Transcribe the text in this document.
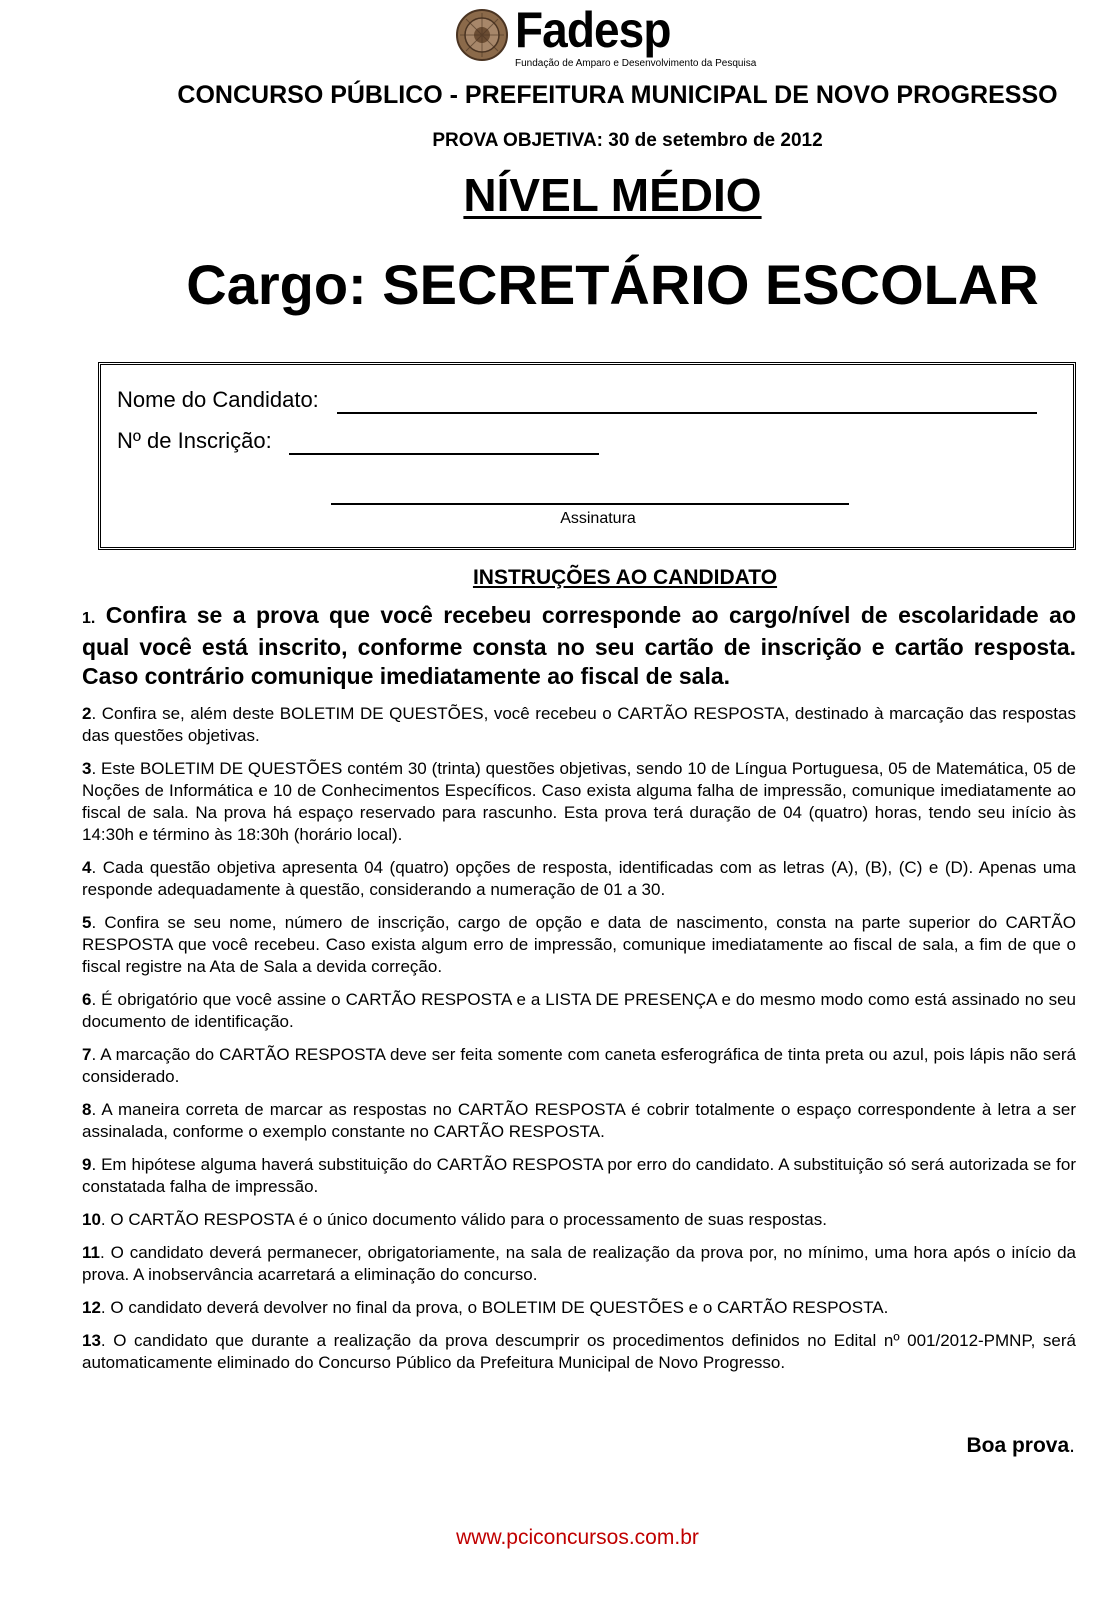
Fadesp
Fundação de Amparo e Desenvolvimento da Pesquisa
CONCURSO PÚBLICO - PREFEITURA MUNICIPAL DE NOVO PROGRESSO
PROVA OBJETIVA: 30 de setembro de 2012
NÍVEL MÉDIO
Cargo: SECRETÁRIO ESCOLAR
Nome do Candidato:
Nº de Inscrição:
Assinatura
INSTRUÇÕES AO CANDIDATO
1. Confira se a prova que você recebeu corresponde ao cargo/nível de escolaridade ao qual você está inscrito, conforme consta no seu cartão de inscrição e cartão resposta. Caso contrário comunique imediatamente ao fiscal de sala.
2. Confira se, além deste BOLETIM DE QUESTÕES, você recebeu o CARTÃO RESPOSTA, destinado à marcação das respostas das questões objetivas.
3. Este BOLETIM DE QUESTÕES contém 30 (trinta) questões objetivas, sendo 10 de Língua Portuguesa, 05 de Matemática, 05 de Noções de Informática e 10 de Conhecimentos Específicos. Caso exista alguma falha de impressão, comunique imediatamente ao fiscal de sala. Na prova há espaço reservado para rascunho. Esta prova terá duração de 04 (quatro) horas, tendo seu início às 14:30h e término às 18:30h (horário local).
4. Cada questão objetiva apresenta 04 (quatro) opções de resposta, identificadas com as letras (A), (B), (C) e (D). Apenas uma responde adequadamente à questão, considerando a numeração de 01 a 30.
5. Confira se seu nome, número de inscrição, cargo de opção e data de nascimento, consta na parte superior do CARTÃO RESPOSTA que você recebeu. Caso exista algum erro de impressão, comunique imediatamente ao fiscal de sala, a fim de que o fiscal registre na Ata de Sala a devida correção.
6. É obrigatório que você assine o CARTÃO RESPOSTA e a LISTA DE PRESENÇA e do mesmo modo como está assinado no seu documento de identificação.
7. A marcação do CARTÃO RESPOSTA deve ser feita somente com caneta esferográfica de tinta preta ou azul, pois lápis não será considerado.
8. A maneira correta de marcar as respostas no CARTÃO RESPOSTA é cobrir totalmente o espaço correspondente à letra a ser assinalada, conforme o exemplo constante no CARTÃO RESPOSTA.
9. Em hipótese alguma haverá substituição do CARTÃO RESPOSTA por erro do candidato. A substituição só será autorizada se for constatada falha de impressão.
10. O CARTÃO RESPOSTA é o único documento válido para o processamento de suas respostas.
11. O candidato deverá permanecer, obrigatoriamente, na sala de realização da prova por, no mínimo, uma hora após o início da prova. A inobservância acarretará a eliminação do concurso.
12. O candidato deverá devolver no final da prova, o BOLETIM DE QUESTÕES e o CARTÃO RESPOSTA.
13. O candidato que durante a realização da prova descumprir os procedimentos definidos no Edital nº 001/2012-PMNP, será automaticamente eliminado do Concurso Público da Prefeitura Municipal de Novo Progresso.
Boa prova.
www.pciconcursos.com.br
